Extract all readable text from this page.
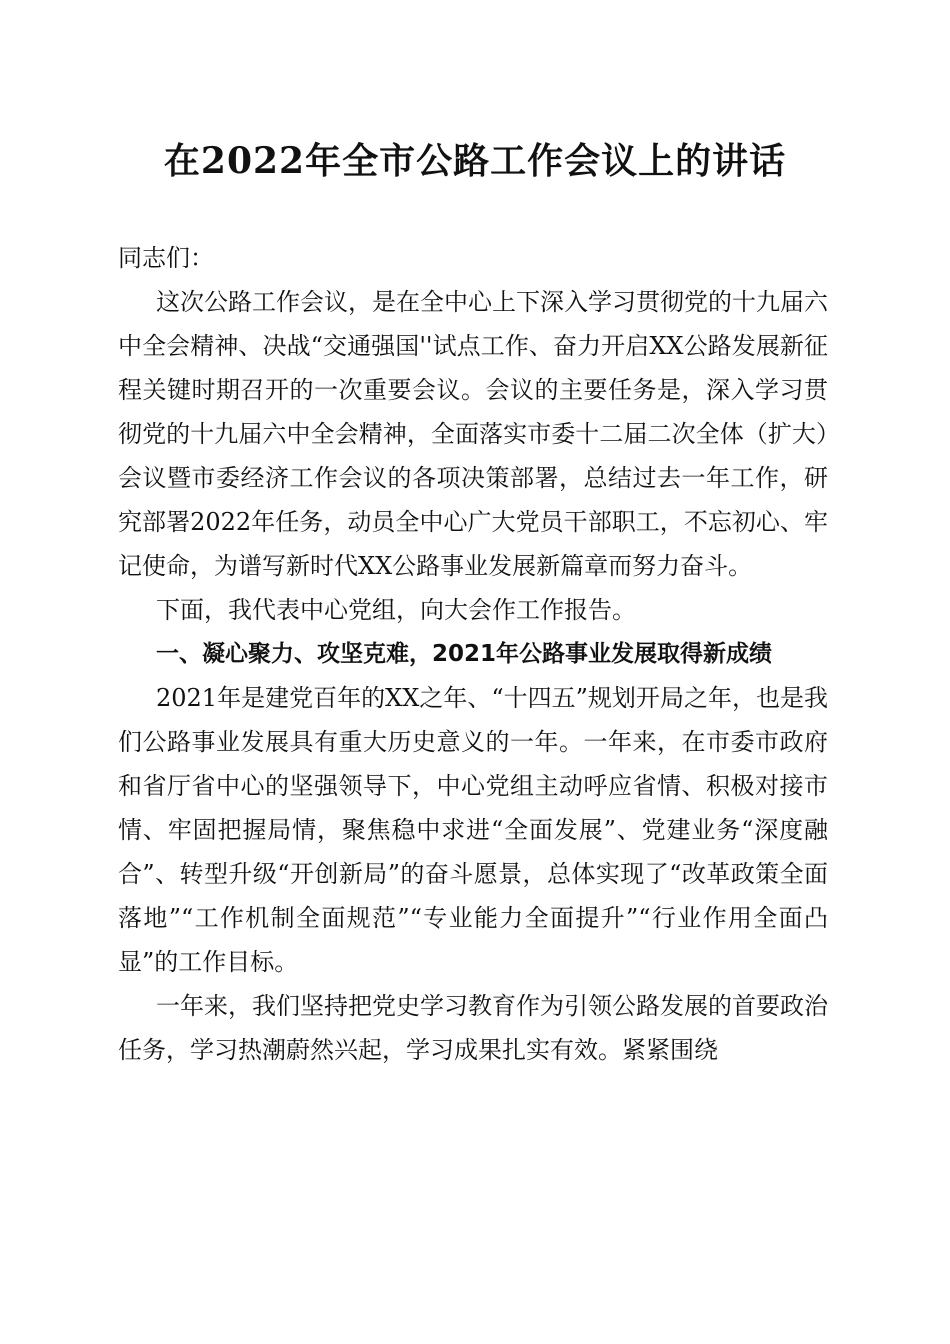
在2022年全市公路工作会议上的讲话

同志们：

这次公路工作会议，是在全中心上下深入学习贯彻党的十九届六中全会精神、决战“交通强国''试点工作、奋力开启XX公路发展新征程关键时期召开的一次重要会议。会议的主要任务是，深入学习贯彻党的十九届六中全会精神，全面落实市委十二届二次全体（扩大）会议暨市委经济工作会议的各项决策部署，总结过去一年工作，研究部署2022年任务，动员全中心广大党员干部职工，不忘初心、牢记使命，为谱写新时代XX公路事业发展新篇章而努力奋斗。

下面，我代表中心党组，向大会作工作报告。

一、凝心聚力、攻坚克难，2021年公路事业发展取得新成绩

2021年是建党百年的XX之年、“十四五”规划开局之年，也是我们公路事业发展具有重大历史意义的一年。一年来，在市委市政府和省厅省中心的坚强领导下，中心党组主动呼应省情、积极对接市情、牢固把握局情，聚焦稳中求进“全面发展”、党建业务“深度融合”、转型升级“开创新局”的奋斗愿景，总体实现了“改革政策全面落地”“工作机制全面规范”“专业能力全面提升”“行业作用全面凸显”的工作目标。

一年来，我们坚持把党史学习教育作为引领公路发展的首要政治任务，学习热潮蔚然兴起，学习成果扎实有效。紧紧围绕
